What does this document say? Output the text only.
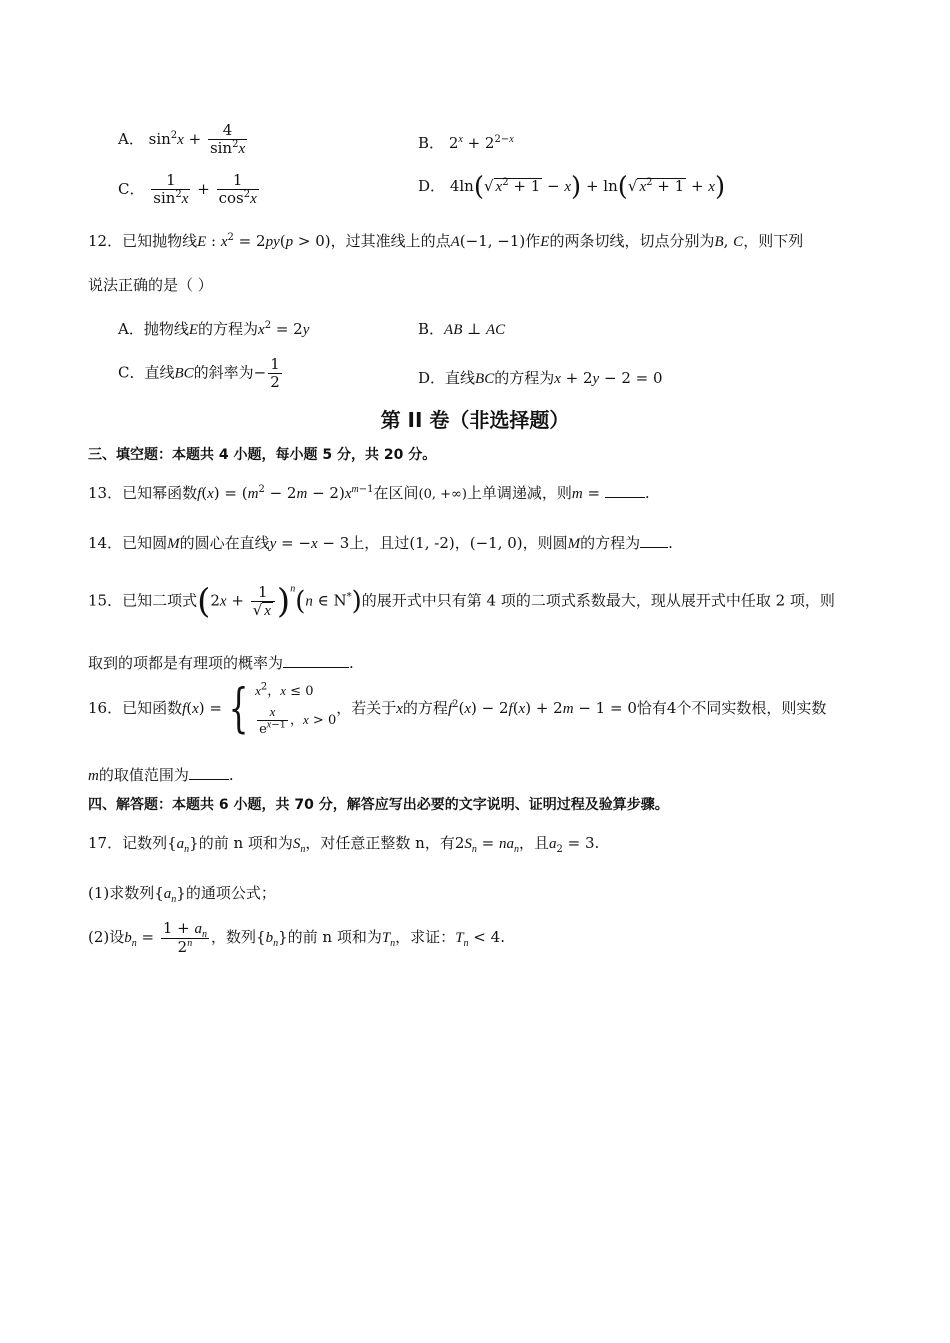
A． $\sin^2x + \frac{4}{\sin^2x}$	B． $2^x + 2^{2-x}$
C． $\frac{1}{\sin^2x} + \frac{1}{\cos^2x}$	D． 4ln(√ $x^2 + 1 - x) + \ln(√$ $x^2 + 1 + x$)
12．已知抛物线E : $x^2 = 2py(p > 0)$，过其准线上的点A(−1, −1)作E的两条切线，切点分别为B, C，则下列
说法正确的是（ ）
A．抛物线E的方程为$x^2 = 2y$	B．AB ⊥ AC
C．直线BC的斜率为− $\frac{1}{2}$	D．直线BC的方程为x + 2y − 2 = 0
第 II 卷（非选择题）
三、填空题：本题共 4 小题，每小题 5 分，共 20 分。
13．已知幂函数$f(x) = (m^2 - 2m - 2)x^{m-1}$在区间(0, +∞)上单调递减，则m =	.
14．已知圆M的圆心在直线y = −x − 3上，且过(1, -2)，(−1, 0)，则圆M的方程为 .
15．已知二项式$(2x + \frac{1}{√ x} )^n(n$ ∈ N*)的展开式中只有第 4 项的二项式系数最大，现从展开式中任取 2 项，则
取到的项都是有理项的概率为	.
16．已知函数f(x) = { $x^2$，x ≤ 0
$\frac{x}{e^{x-1}}$ ，x > 0
，若关于x的方程$f^2(x) - 2f(x) + 2m - 1 = 0$恰有4个不同实数根，则实数
m的取值范围为	.
四、解答题：本题共 6 小题，共 70 分，解答应写出必要的文字说明、证明过程及验算步骤。
17．记数列$\{a_n\}$的前 n 项和为$S_n$，对任意正整数 n，有$2S_n = na_n$，且$a_2 = 3$.
(1)求数列$\{a_n\}$的通项公式；
(2)设$b_n = \frac{1 + a_n}{2^n}$ ，数列$\{b_n\}$的前 n 项和为$T_n$，求证：$T_n < 4$.
